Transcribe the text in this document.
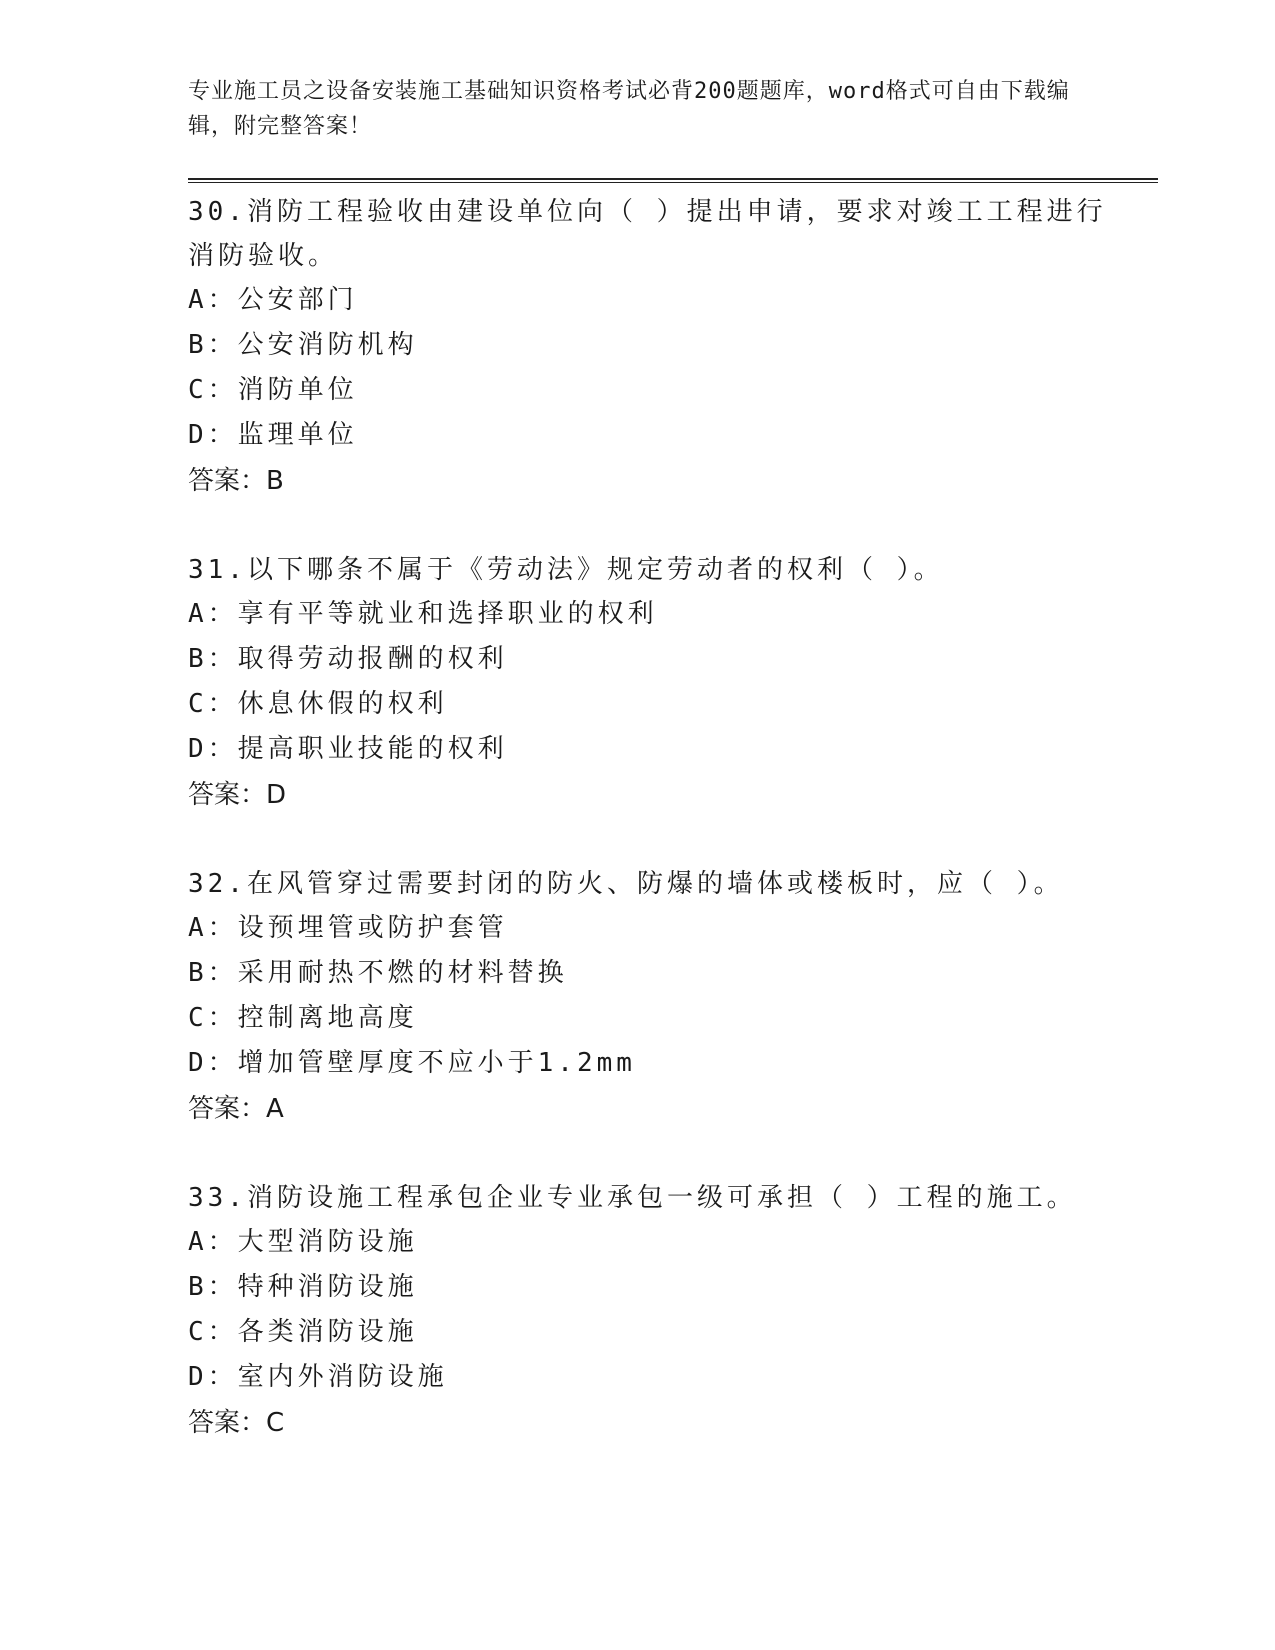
专业施工员之设备安装施工基础知识资格考试必背200题题库，word格式可自由下载编辑，附完整答案！

30.消防工程验收由建设单位向（ ）提出申请，要求对竣工工程进行消防验收。

A：公安部门

B：公安消防机构

C：消防单位

D：监理单位

答案：B

31.以下哪条不属于《劳动法》规定劳动者的权利（ ）。

A：享有平等就业和选择职业的权利

B：取得劳动报酬的权利

C：休息休假的权利

D：提高职业技能的权利

答案：D

32.在风管穿过需要封闭的防火、防爆的墙体或楼板时，应（ ）。

A：设预埋管或防护套管

B：采用耐热不燃的材料替换

C：控制离地高度

D：增加管壁厚度不应小于1.2mm

答案：A

33.消防设施工程承包企业专业承包一级可承担（ ）工程的施工。

A：大型消防设施

B：特种消防设施

C：各类消防设施

D：室内外消防设施

答案：C
